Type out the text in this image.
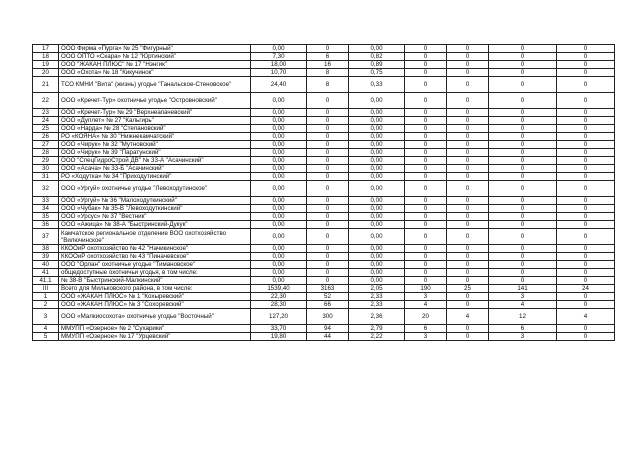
17	ООО Фирма «Пурга» № 25 "Фигурный"	0,00	0	0,00	0	0	0	0
18	ООО ОПТО «Скара» № 12 "Юртинский"	7,30	6	0,82	0	0	0	0
19	ООО "ЖАКАН ПЛЮС" № 17 "Нэнгик"	18,00	16	0,89	0	0	0	0
20	ООО «Охота» № 18 "Кикучинок"	10,70	8	0,75	0	0	0	0
21	ТСО КМНИ "Вита" (жизнь) угодье "Ганальское-Стеновское"	24,40	8	0,33	0	0	0	0
22	ООО «Кречет-Тур» охотничье угодье "Островновский"	0,00	0	0,00	0	0	0	0
23	ООО «Кречет-Тур» № 29 "Верхнеапачевский"	0,00	0	0,00	0	0	0	0
24	ООО «Дуплет» № 27 "Кальгирь"	0,00	0	0,00	0	0	0	0
25	ООО «Нарда» № 28 "Степановский"	0,00	0	0,00	0	0	0	0
26	РО «КОЯНА» № 30 "Нижнекамчатский"	0,00	0	0,00	0	0	0	0
27	ООО «Чирук» № 32 "Мутновский"	0,00	0	0,00	0	0	0	0
28	ООО «Чирук» № 39 "Паратунский"	0,00	0	0,00	0	0	0	0
29	ООО "СпецГидроСтрой ДВ" № 33-А "Асачинский"	0,00	0	0,00	0	0	0	0
30	ООО «Асача» № 33-Б "Асачинский"	0,00	0	0,00	0	0	0	0
31	РО «Ходутка» № 34 "Приходутинский"	0,00	0	0,00	0	0	0	0
32	ООО «Ургуй» охотничье угодье "Левоходутинское"	0,00	0	0,00	0	0	0	0
33	ООО «Ургуй» № 36 "Малоходуткинский"	0,00	0	0,00	0	0	0	0
34	ООО «Чубак» № 35-В "Левоходуткинский"	0,00	0	0,00	0	0	0	0
35	ООО «Урсус» № 37 "Вестник"	0,00	0	0,00	0	0	0	0
36	ООО «Ажица» № 38-А "Быстринский-Дукук"	0,00	0	0,00	0	0	0	0
37	Камчатское региональное отделение ВОО охотхозяйство "Вилючинское"	0,00	0	0,00	0	0	0	0
38	ККООиР охотхозяйство № 42 "Начикинское"	0,00	0	0,00	0	0	0	0
39	ККООиР охотхозяйство № 43 "Пиначевское"	0,00	0	0,00	0	0	0	0
40	ООО "Орлан" охотничье угодье "Тимановское"	0,00	0	0,00	0	0	0	0
41	общедоступные охотничьи угодья, в том числе:	0,00	0	0,00	0	0	0	0
41.1	№ 38-В "Быстринский-Малкинский"	0,00	0	0,00	0	0	0	0
III	Всего для Мильковского района, в том числе:	1539,40	3163	2,05	190	25	141	24
1	ООО «ЖАКАН ПЛЮС» № 1 "Кохыревский"	22,30	52	2,33	3	0	3	0
2	ООО «ЖАКАН ПЛЮС» № 3 "Сохоревский"	28,30	66	2,33	4	0	4	0
3	ООО «Малкиосохота» охотничье угодье "Восточный"	127,20	300	2,36	20	4	12	4
4	ММУПП «Озерное» № 2 "Сухарики"	33,70	94	2,79	6	0	6	0
5	ММУПП «Озерное» № 17 "Урцевский"	19,80	44	2,22	3	0	3	0
